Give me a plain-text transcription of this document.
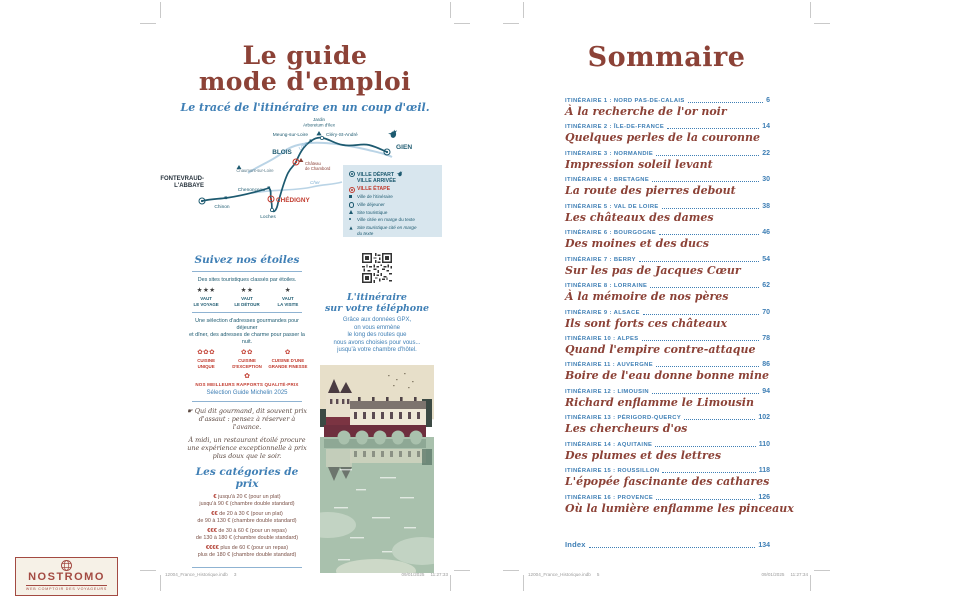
Le guide
mode d'emploi
Le tracé de l'itinéraire en un coup d'œil.
FONTEVRAUD-
L'ABBAYE
Chinon
CHÉDIGNY
Loches
Chenonceau
Chaumont-sur-Loire
BLOIS
Château
de Chambord
Meung-sur-Loire	Cléry-St-André
Jardin
Arboretum d'Ilex
GIEN
Loire
Cher
VILLE DÉPART
VILLE ARRIVÉE
VILLE ÉTAPE
Ville de l'itinéraire
Ville déjeuner
Site touristique
Ville citée en marge du texte
Site touristique cité en marge
du texte
Suivez nos étoiles
Des sites touristiques classés par étoiles.
★★★
VAUT
LE VOYAGE
★★
VAUT
LE DÉTOUR
★
VAUT
LA VISITE
Une sélection d'adresses gourmandes pour déjeuner
et dîner, des adresses de charme pour passer la nuit.
✿✿✿
CUISINE
UNIQUE
✿✿
CUISINE
D'EXCEPTION
✿
CUISINE D'UNE
GRANDE FINESSE
✿
NOS MEILLEURS RAPPORTS QUALITÉ-PRIX
Sélection Guide Michelin 2025
☛ Qui dit gourmand, dit souvent prix d'assaut : pensez à réserver à l'avance.
À midi, un restaurant étoilé procure une expérience exceptionnelle à prix plus doux que le soir.
Les catégories de prix
€ jusqu'à 20 € (pour un plat)
jusqu'à 90 € (chambre double standard)
€€ de 20 à 30 € (pour un plat)
de 90 à 130 € (chambre double standard)
€€€ de 30 à 60 € (pour un repas)
de 130 à 180 € (chambre double standard)
€€€€ plus de 60 € (pour un repas)
plus de 180 € (chambre double standard)
L'itinéraire
sur votre téléphone
Grâce aux données GPX,
on vous emmène
le long des routes que
nous avons choisies pour vous...
jusqu'à votre chambre d'hôtel.
Sommaire
ITINÉRAIRE 1 : NORD PAS-DE-CALAIS	6
À la recherche de l'or noir
ITINÉRAIRE 2 : ÎLE-DE-FRANCE	14
Quelques perles de la couronne
ITINÉRAIRE 3 : NORMANDIE	22
Impression soleil levant
ITINÉRAIRE 4 : BRETAGNE	30
La route des pierres debout
ITINÉRAIRE 5 : VAL DE LOIRE	38
Les châteaux des dames
ITINÉRAIRE 6 : BOURGOGNE	46
Des moines et des ducs
ITINÉRAIRE 7 : BERRY	54
Sur les pas de Jacques Cœur
ITINÉRAIRE 8 : LORRAINE	62
À la mémoire de nos pères
ITINÉRAIRE 9 : ALSACE	70
Ils sont forts ces châteaux
ITINÉRAIRE 10 : ALPES	78
Quand l'empire contre-attaque
ITINÉRAIRE 11 : AUVERGNE	86
Boire de l'eau donne bonne mine
ITINÉRAIRE 12 : LIMOUSIN	94
Richard enflamme le Limousin
ITINÉRAIRE 13 : PÉRIGORD-QUERCY	102
Les chercheurs d'os
ITINÉRAIRE 14 : AQUITAINE	110
Des plumes et des lettres
ITINÉRAIRE 15 : ROUSSILLON	118
L'épopée fascinante des cathares
ITINÉRAIRE 16 : PROVENCE	126
Où la lumière enflamme les pinceaux
Index	134
NOSTROMO
WEB COMPTOIR DES VOYAGEURS
12004_France_Historique.indb 3	09/01/2025 11:27:33	12004_France_Historique.indb 5	09/01/2025 11:27:34
